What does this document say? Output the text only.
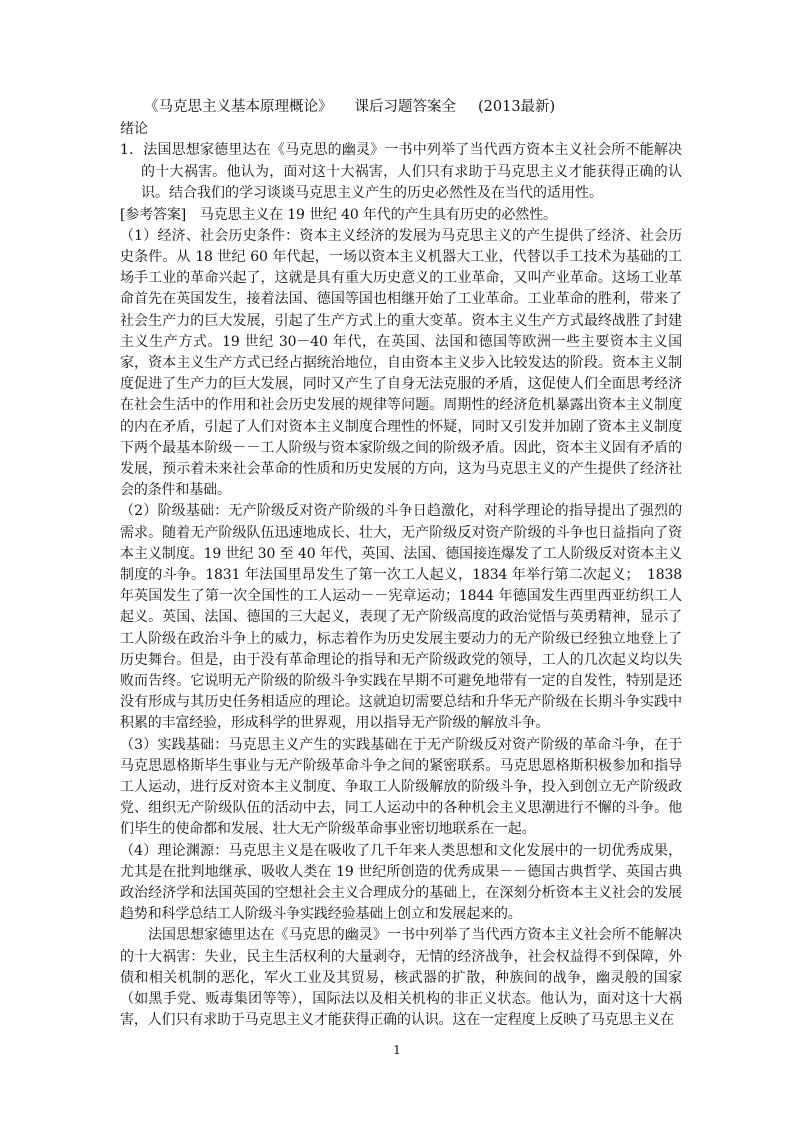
《马克思主义基本原理概论》 课后习题答案全 (2013最新)
绪论
1．法国思想家德里达在《马克思的幽灵》一书中列举了当代西方资本主义社会所不能解决的十大祸害。他认为，面对这十大祸害，人们只有求助于马克思主义才能获得正确的认识。结合我们的学习谈谈马克思主义产生的历史必然性及在当代的适用性。
[参考答案]　马克思主义在 19 世纪 40 年代的产生具有历史的必然性。
（1）经济、社会历史条件：资本主义经济的发展为马克思主义的产生提供了经济、社会历史条件。从 18 世纪 60 年代起，一场以资本主义机器大工业，代替以手工技术为基础的工场手工业的革命兴起了，这就是具有重大历史意义的工业革命，又叫产业革命。这场工业革命首先在英国发生，接着法国、德国等国也相继开始了工业革命。工业革命的胜利，带来了社会生产力的巨大发展，引起了生产方式上的重大变革。资本主义生产方式最终战胜了封建主义生产方式。19 世纪 30－40 年代，在英国、法国和德国等欧洲一些主要资本主义国家，资本主义生产方式已经占据统治地位，自由资本主义步入比较发达的阶段。资本主义制度促进了生产力的巨大发展，同时又产生了自身无法克服的矛盾，这促使人们全面思考经济在社会生活中的作用和社会历史发展的规律等问题。周期性的经济危机暴露出资本主义制度的内在矛盾，引起了人们对资本主义制度合理性的怀疑，同时又引发并加剧了资本主义制度下两个最基本阶级－－工人阶级与资本家阶级之间的阶级矛盾。因此，资本主义固有矛盾的发展，预示着未来社会革命的性质和历史发展的方向，这为马克思主义的产生提供了经济社会的条件和基础。
（2）阶级基础：无产阶级反对资产阶级的斗争日趋激化，对科学理论的指导提出了强烈的需求。随着无产阶级队伍迅速地成长、壮大，无产阶级反对资产阶级的斗争也日益指向了资本主义制度。19 世纪 30 至 40 年代，英国、法国、德国接连爆发了工人阶级反对资本主义制度的斗争。1831 年法国里昂发生了第一次工人起义，1834 年举行第二次起义；　1838 年英国发生了第一次全国性的工人运动－－宪章运动；1844 年德国发生西里西亚纺织工人起义。英国、法国、德国的三大起义，表现了无产阶级高度的政治觉悟与英勇精神，显示了工人阶级在政治斗争上的威力，标志着作为历史发展主要动力的无产阶级已经独立地登上了历史舞台。但是，由于没有革命理论的指导和无产阶级政党的领导，工人的几次起义均以失败而告终。它说明无产阶级的阶级斗争实践在早期不可避免地带有一定的自发性，特别是还没有形成与其历史任务相适应的理论。这就迫切需要总结和升华无产阶级在长期斗争实践中积累的丰富经验，形成科学的世界观，用以指导无产阶级的解放斗争。
（3）实践基础：马克思主义产生的实践基础在于无产阶级反对资产阶级的革命斗争，在于马克思恩格斯毕生事业与无产阶级革命斗争之间的紧密联系。马克思恩格斯积极参加和指导工人运动，进行反对资本主义制度、争取工人阶级解放的阶级斗争，投入到创立无产阶级政党、组织无产阶级队伍的活动中去，同工人运动中的各种机会主义思潮进行不懈的斗争。他们毕生的使命都和发展、壮大无产阶级革命事业密切地联系在一起。
（4）理论渊源：马克思主义是在吸收了几千年来人类思想和文化发展中的一切优秀成果，尤其是在批判地继承、吸收人类在 19 世纪所创造的优秀成果－－德国古典哲学、英国古典政治经济学和法国英国的空想社会主义合理成分的基础上，在深刻分析资本主义社会的发展趋势和科学总结工人阶级斗争实践经验基础上创立和发展起来的。
法国思想家德里达在《马克思的幽灵》一书中列举了当代西方资本主义社会所不能解决的十大祸害：失业，民主生活权利的大量剥夺，无情的经济战争，社会权益得不到保障，外债和相关机制的恶化，军火工业及其贸易，核武器的扩散，种族间的战争，幽灵般的国家（如黑手党、贩毒集团等等），国际法以及相关机构的非正义状态。他认为，面对这十大祸害，人们只有求助于马克思主义才能获得正确的认识。这在一定程度上反映了马克思主义在
1
